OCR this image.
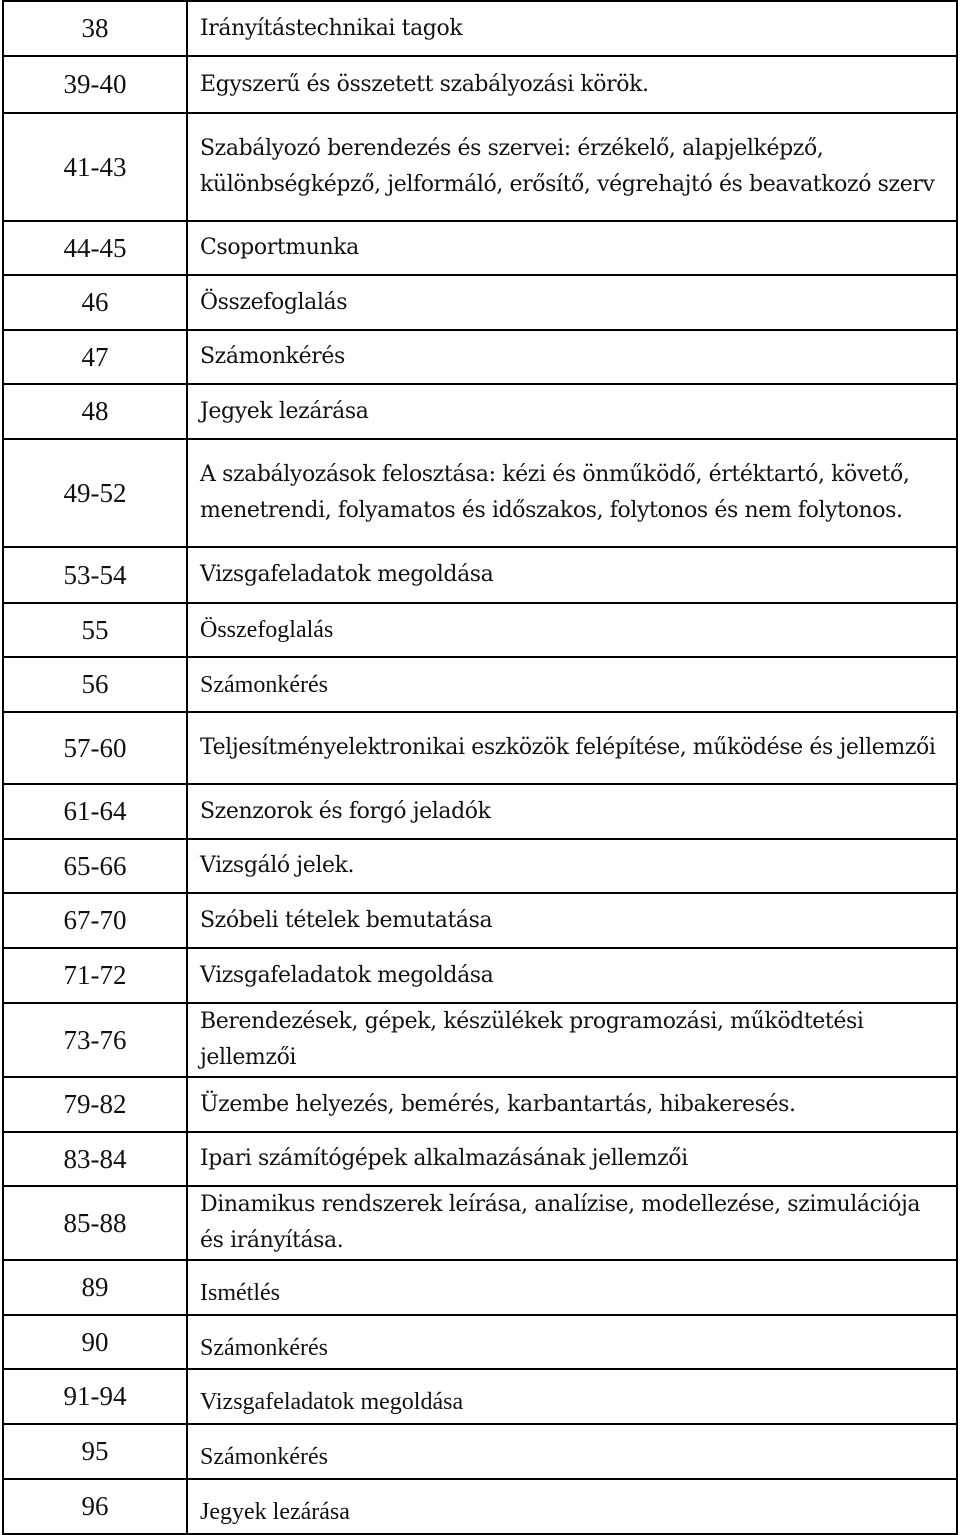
38	Irányítástechnikai tagok
39-40	Egyszerű és összetett szabályozási körök.
41-43	Szabályozó berendezés és szervei: érzékelő, alapjelképző, különbségképző, jelformáló, erősítő, végrehajtó és beavatkozó szerv
44-45	Csoportmunka
46	Összefoglalás
47	Számonkérés
48	Jegyek lezárása
49-52	A szabályozások felosztása: kézi és önműködő, értéktartó, követő, menetrendi, folyamatos és időszakos, folytonos és nem folytonos.
53-54	Vizsgafeladatok megoldása
55	Összefoglalás
56	Számonkérés
57-60	Teljesítményelektronikai eszközök felépítése, működése és jellemzői
61-64	Szenzorok és forgó jeladók
65-66	Vizsgáló jelek.
67-70	Szóbeli tételek bemutatása
71-72	Vizsgafeladatok megoldása
73-76	Berendezések, gépek, készülékek programozási, működtetési jellemzői
79-82	Üzembe helyezés, bemérés, karbantartás, hibakeresés.
83-84	Ipari számítógépek alkalmazásának jellemzői
85-88	Dinamikus rendszerek leírása, analízise, modellezése, szimulációja és irányítása.
89	Ismétlés
90	Számonkérés
91-94	Vizsgafeladatok megoldása
95	Számonkérés
96	Jegyek lezárása
